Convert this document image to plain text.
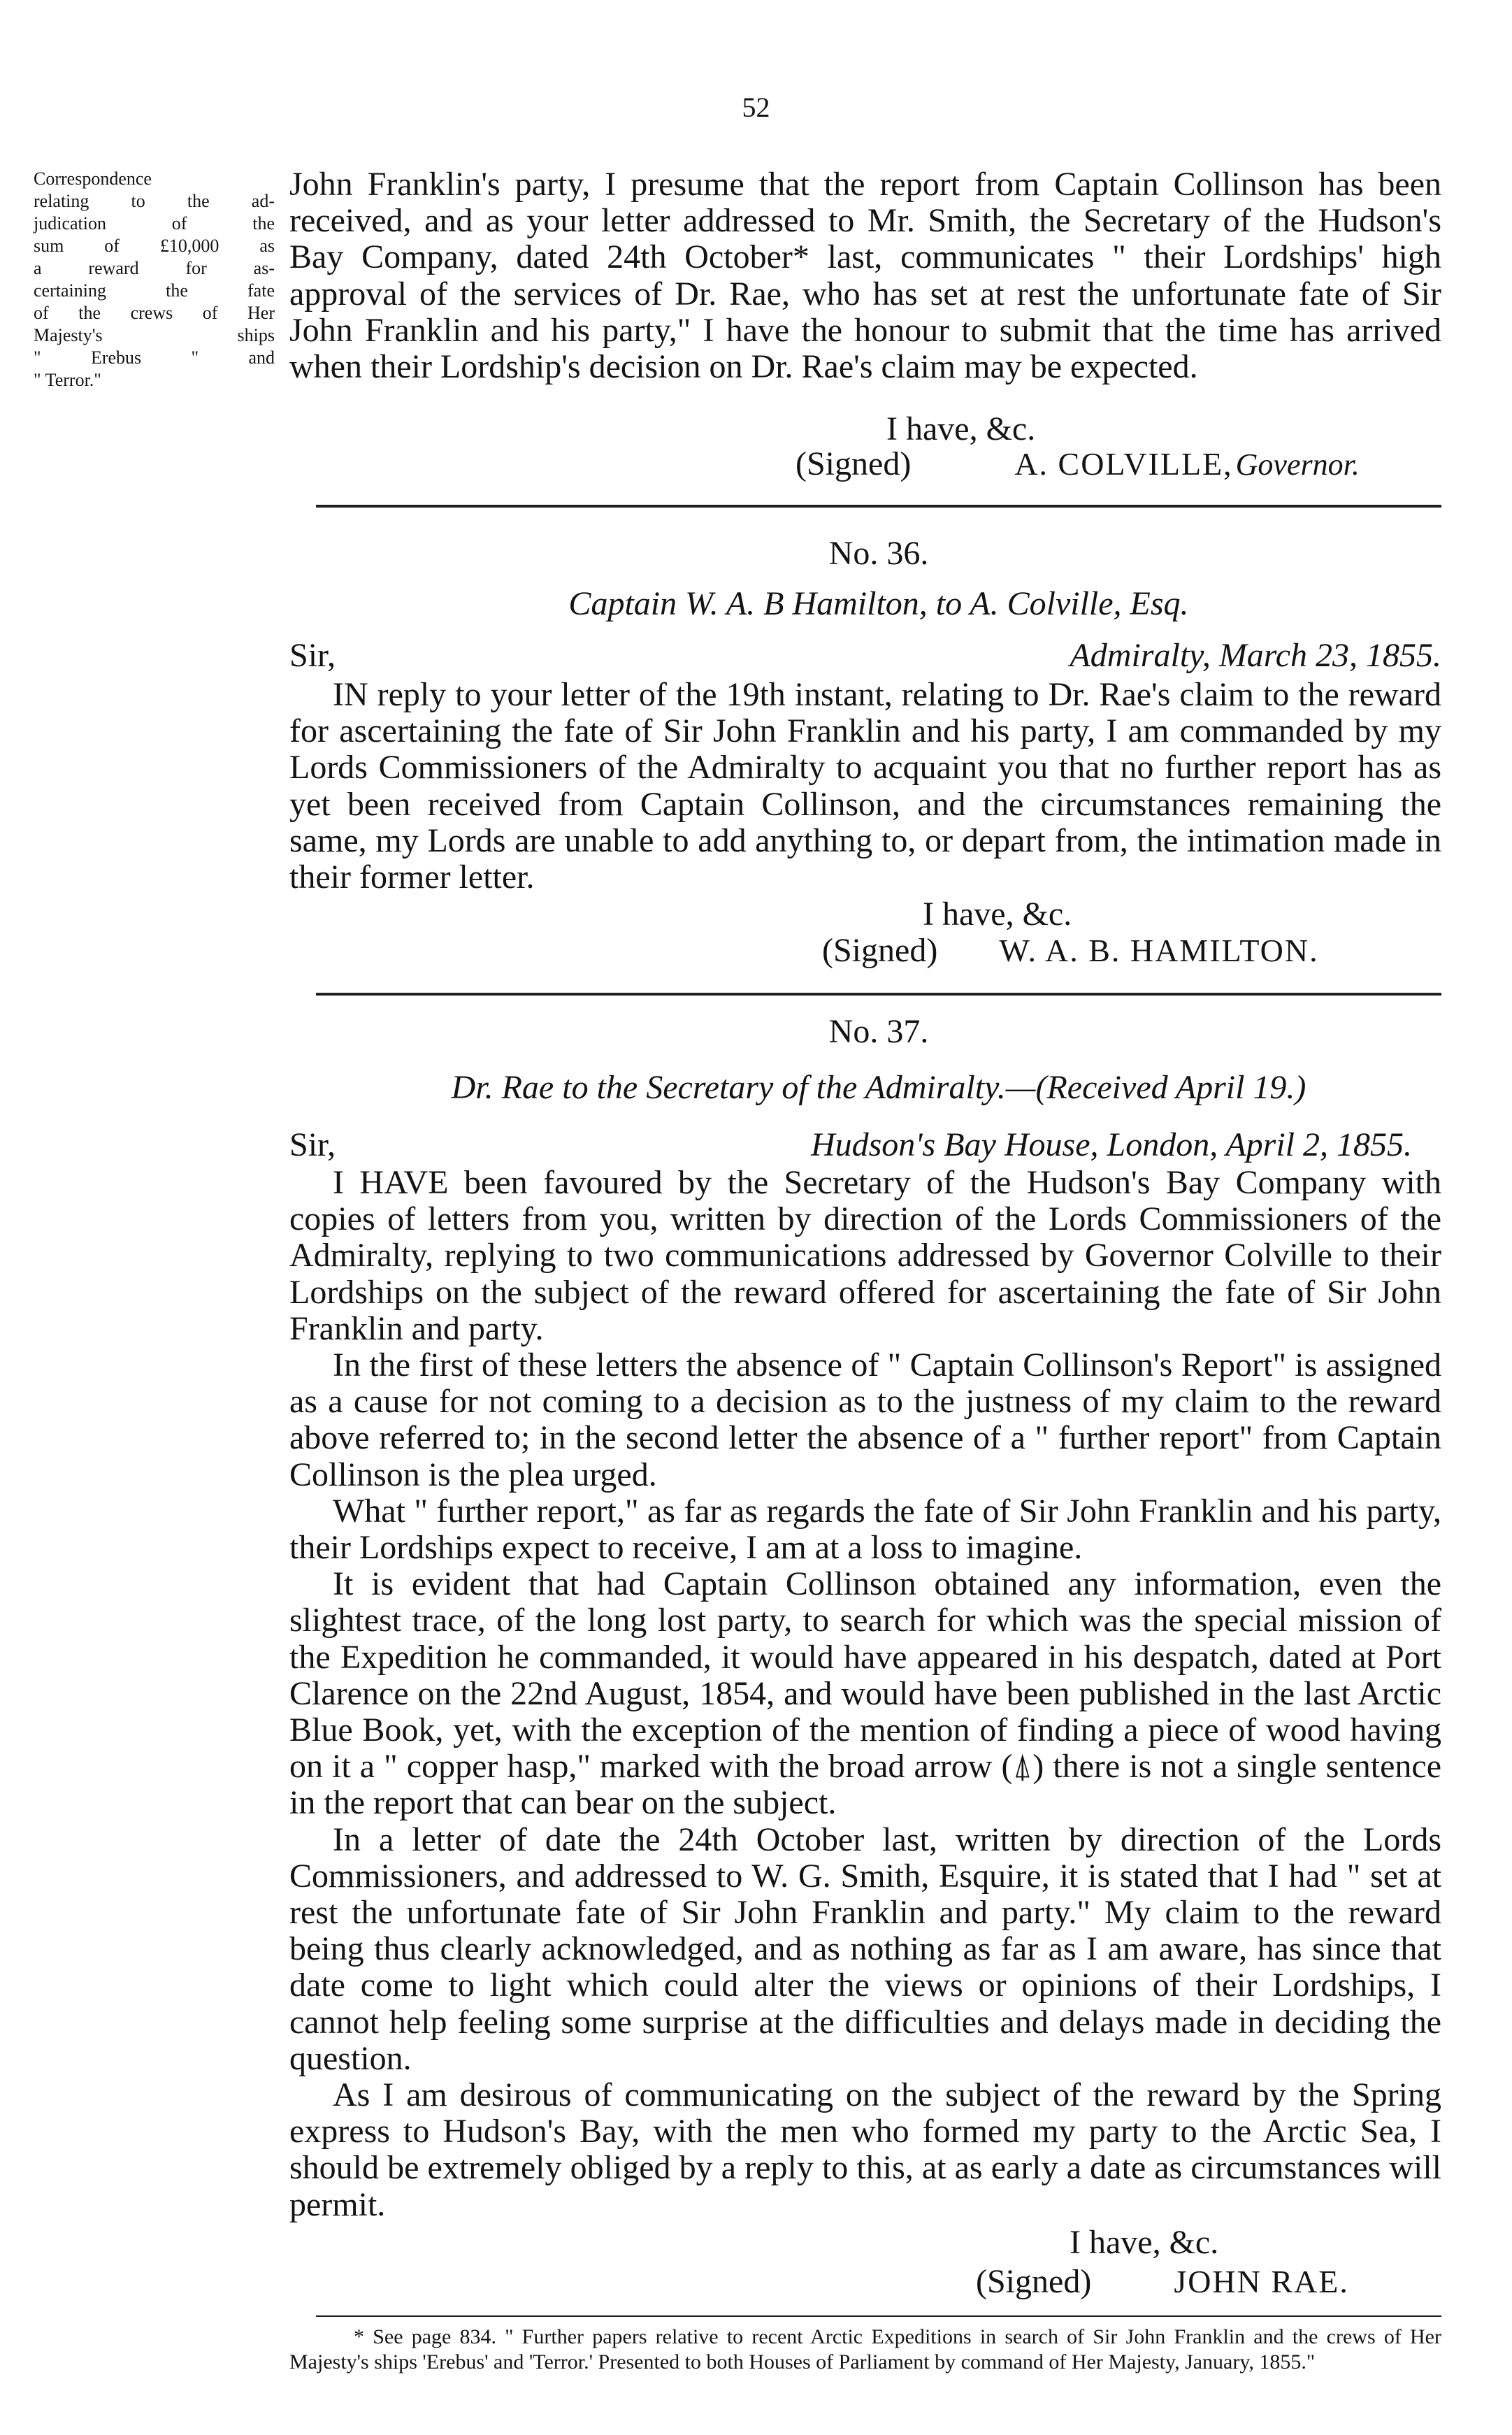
52
Correspondence
relating to the ad-
judication of the
sum of £10,000 as
a reward for as-
certaining the fate
of the crews of Her
Majesty's ships
" Erebus " and
" Terror."

John Franklin's party, I presume that the report from Captain Collinson has been received, and as your letter addressed to Mr. Smith, the Secretary of the Hudson's Bay Company, dated 24th October* last, communicates " their Lordships' high approval of the services of Dr. Rae, who has set at rest the unfortunate fate of Sir John Franklin and his party," I have the honour to submit that the time has arrived when their Lordship's decision on Dr. Rae's claim may be expected.

I have, &c.
(Signed)	A. COLVILLE, Governor.
No. 36.
Captain W. A. B Hamilton, to A. Colville, Esq.
Sir,	Admiralty, March 23, 1855.

IN reply to your letter of the 19th instant, relating to Dr. Rae's claim to the reward for ascertaining the fate of Sir John Franklin and his party, I am commanded by my Lords Commissioners of the Admiralty to acquaint you that no further report has as yet been received from Captain Collinson, and the circumstances remaining the same, my Lords are unable to add anything to, or depart from, the intimation made in their former letter.

I have, &c.
(Signed) W. A. B. HAMILTON.
No. 37.
Dr. Rae to the Secretary of the Admiralty.—(Received April 19.)
Sir,	Hudson's Bay House, London, April 2, 1855.

I HAVE been favoured by the Secretary of the Hudson's Bay Company with copies of letters from you, written by direction of the Lords Commissioners of the Admiralty, replying to two communications addressed by Governor Colville to their Lordships on the subject of the reward offered for ascertaining the fate of Sir John Franklin and party.

In the first of these letters the absence of " Captain Collinson's Report" is assigned as a cause for not coming to a decision as to the justness of my claim to the reward above referred to; in the second letter the absence of a " further report" from Captain Collinson is the plea urged.

What " further report," as far as regards the fate of Sir John Franklin and his party, their Lordships expect to receive, I am at a loss to imagine.

It is evident that had Captain Collinson obtained any information, even the slightest trace, of the long lost party, to search for which was the special mission of the Expedition he commanded, it would have appeared in his despatch, dated at Port Clarence on the 22nd August, 1854, and would have been published in the last Arctic Blue Book, yet, with the exception of the mention of finding a piece of wood having on it a " copper hasp," marked with the broad arrow (⍋) there is not a single sentence in the report that can bear on the subject.

In a letter of date the 24th October last, written by direction of the Lords Commissioners, and addressed to W. G. Smith, Esquire, it is stated that I had " set at rest the unfortunate fate of Sir John Franklin and party." My claim to the reward being thus clearly acknowledged, and as nothing as far as I am aware, has since that date come to light which could alter the views or opinions of their Lordships, I cannot help feeling some surprise at the difficulties and delays made in deciding the question.

As I am desirous of communicating on the subject of the reward by the Spring express to Hudson's Bay, with the men who formed my party to the Arctic Sea, I should be extremely obliged by a reply to this, at as early a date as circumstances will permit.

I have, &c.
(Signed)	JOHN RAE.
* See page 834. " Further papers relative to recent Arctic Expeditions in search of Sir John Franklin and the crews of Her Majesty's ships 'Erebus' and 'Terror.' Presented to both Houses of Parliament by command of Her Majesty, January, 1855."
